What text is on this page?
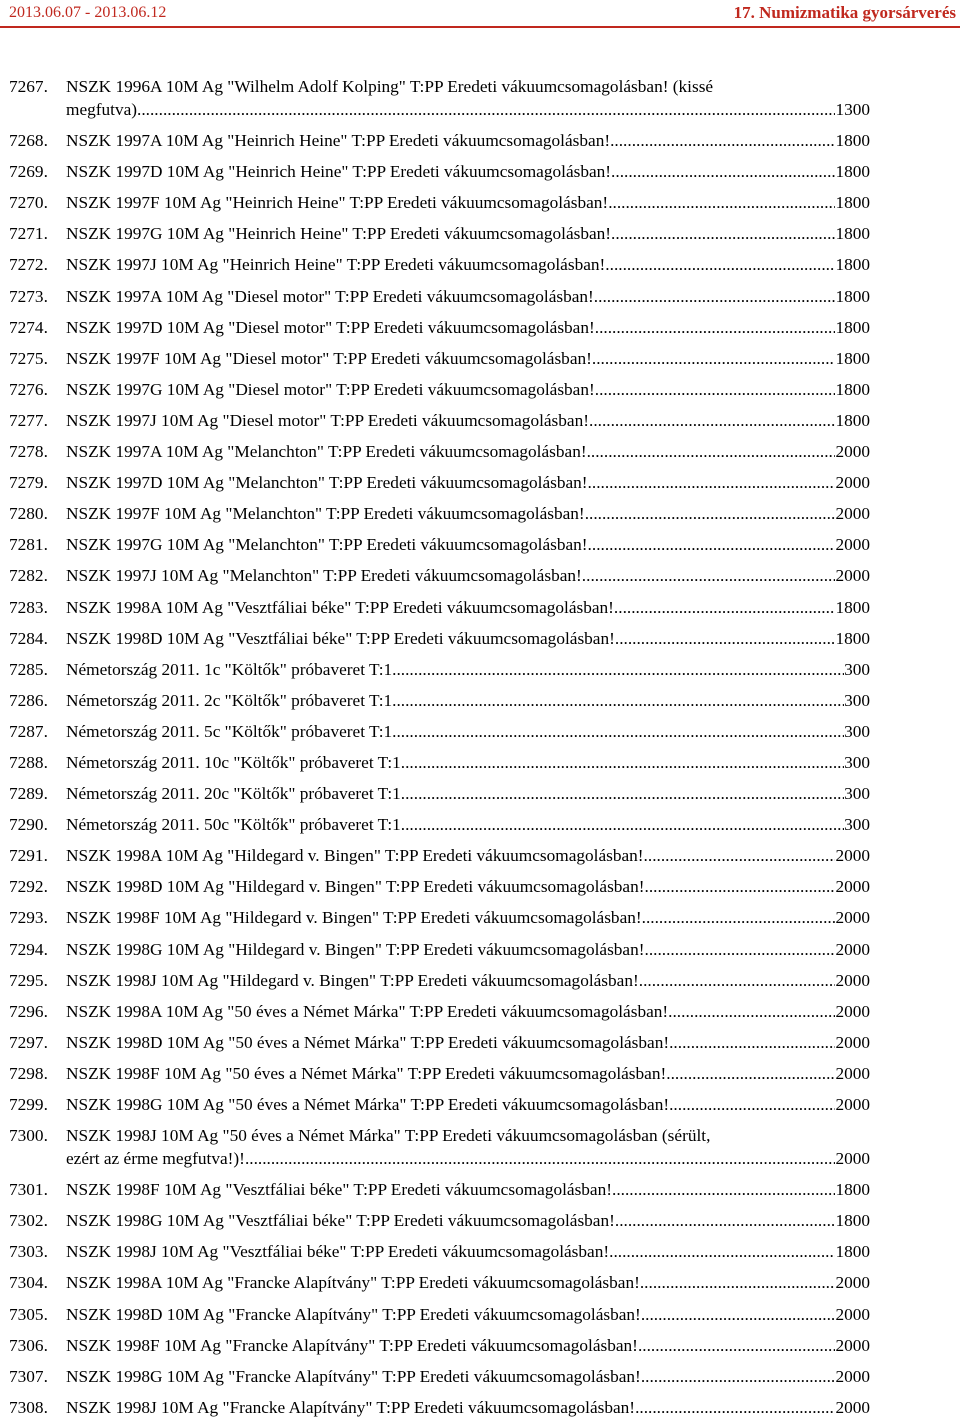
2013.06.07 - 2013.06.12	17. Numizmatika gyorsárverés
7267.	NSZK 1996A 10M Ag "Wilhelm Adolf Kolping" T:PP Eredeti vákuumcsomagolásban! (kissé
megfutva) .....	1300
7268.	NSZK 1997A 10M Ag "Heinrich Heine" T:PP Eredeti vákuumcsomagolásban! .....	1800
7269.	NSZK 1997D 10M Ag "Heinrich Heine" T:PP Eredeti vákuumcsomagolásban! .....	1800
7270.	NSZK 1997F 10M Ag "Heinrich Heine" T:PP Eredeti vákuumcsomagolásban! .....	1800
7271.	NSZK 1997G 10M Ag "Heinrich Heine" T:PP Eredeti vákuumcsomagolásban! .....	1800
7272.	NSZK 1997J 10M Ag "Heinrich Heine" T:PP Eredeti vákuumcsomagolásban! .....	1800
7273.	NSZK 1997A 10M Ag "Diesel motor" T:PP Eredeti vákuumcsomagolásban! .....	1800
7274.	NSZK 1997D 10M Ag "Diesel motor" T:PP Eredeti vákuumcsomagolásban! .....	1800
7275.	NSZK 1997F 10M Ag "Diesel motor" T:PP Eredeti vákuumcsomagolásban! .....	1800
7276.	NSZK 1997G 10M Ag "Diesel motor" T:PP Eredeti vákuumcsomagolásban! .....	1800
7277.	NSZK 1997J 10M Ag "Diesel motor" T:PP Eredeti vákuumcsomagolásban! .....	1800
7278.	NSZK 1997A 10M Ag "Melanchton" T:PP Eredeti vákuumcsomagolásban! .....	2000
7279.	NSZK 1997D 10M Ag "Melanchton" T:PP Eredeti vákuumcsomagolásban! .....	2000
7280.	NSZK 1997F 10M Ag "Melanchton" T:PP Eredeti vákuumcsomagolásban! .....	2000
7281.	NSZK 1997G 10M Ag "Melanchton" T:PP Eredeti vákuumcsomagolásban! .....	2000
7282.	NSZK 1997J 10M Ag "Melanchton" T:PP Eredeti vákuumcsomagolásban! .....	2000
7283.	NSZK 1998A 10M Ag "Vesztfáliai béke" T:PP Eredeti vákuumcsomagolásban! .....	1800
7284.	NSZK 1998D 10M Ag "Vesztfáliai béke" T:PP Eredeti vákuumcsomagolásban! .....	1800
7285.	Németország 2011. 1c "Költők" próbaveret T:1 .....	300
7286.	Németország 2011. 2c "Költők" próbaveret T:1 .....	300
7287.	Németország 2011. 5c "Költők" próbaveret T:1 .....	300
7288.	Németország 2011. 10c "Költők" próbaveret T:1 .....	300
7289.	Németország 2011. 20c "Költők" próbaveret T:1 .....	300
7290.	Németország 2011. 50c "Költők" próbaveret T:1 .....	300
7291.	NSZK 1998A 10M Ag "Hildegard v. Bingen" T:PP Eredeti vákuumcsomagolásban! .....	2000
7292.	NSZK 1998D 10M Ag "Hildegard v. Bingen" T:PP Eredeti vákuumcsomagolásban! .....	2000
7293.	NSZK 1998F 10M Ag "Hildegard v. Bingen" T:PP Eredeti vákuumcsomagolásban! .....	2000
7294.	NSZK 1998G 10M Ag "Hildegard v. Bingen" T:PP Eredeti vákuumcsomagolásban! .....	2000
7295.	NSZK 1998J 10M Ag "Hildegard v. Bingen" T:PP Eredeti vákuumcsomagolásban! .....	2000
7296.	NSZK 1998A 10M Ag "50 éves a Német Márka" T:PP Eredeti vákuumcsomagolásban! .....	2000
7297.	NSZK 1998D 10M Ag "50 éves a Német Márka" T:PP Eredeti vákuumcsomagolásban! .....	2000
7298.	NSZK 1998F 10M Ag "50 éves a Német Márka" T:PP Eredeti vákuumcsomagolásban! .....	2000
7299.	NSZK 1998G 10M Ag "50 éves a Német Márka" T:PP Eredeti vákuumcsomagolásban! .....	2000
7300.	NSZK 1998J 10M Ag "50 éves a Német Márka" T:PP Eredeti vákuumcsomagolásban (sérült,
ezért az érme megfutva!)! .....	2000
7301.	NSZK 1998F 10M Ag "Vesztfáliai béke" T:PP Eredeti vákuumcsomagolásban! .....	1800
7302.	NSZK 1998G 10M Ag "Vesztfáliai béke" T:PP Eredeti vákuumcsomagolásban! .....	1800
7303.	NSZK 1998J 10M Ag "Vesztfáliai béke" T:PP Eredeti vákuumcsomagolásban! .....	1800
7304.	NSZK 1998A 10M Ag "Francke Alapítvány" T:PP Eredeti vákuumcsomagolásban! .....	2000
7305.	NSZK 1998D 10M Ag "Francke Alapítvány" T:PP Eredeti vákuumcsomagolásban! .....	2000
7306.	NSZK 1998F 10M Ag "Francke Alapítvány" T:PP Eredeti vákuumcsomagolásban! .....	2000
7307.	NSZK 1998G 10M Ag "Francke Alapítvány" T:PP Eredeti vákuumcsomagolásban! .....	2000
7308.	NSZK 1998J 10M Ag "Francke Alapítvány" T:PP Eredeti vákuumcsomagolásban! .....	2000
